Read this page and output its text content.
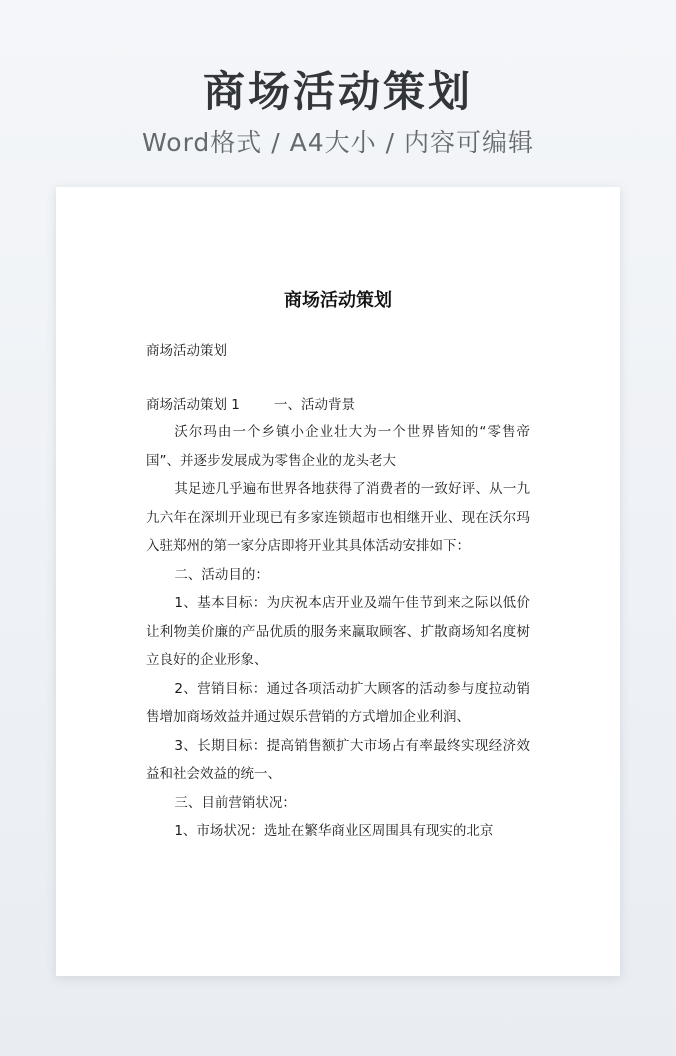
商场活动策划
Word格式 / A4大小 / 内容可编辑
商场活动策划
商场活动策划
商场活动策划 1	一、活动背景

沃尔玛由一个乡镇小企业壮大为一个世界皆知的“零售帝国”、并逐步发展成为零售企业的龙头老大

其足迹几乎遍布世界各地获得了消费者的一致好评、从一九九六年在深圳开业现已有多家连锁超市也相继开业、现在沃尔玛入驻郑州的第一家分店即将开业其具体活动安排如下：

二、活动目的：

1、基本目标：为庆祝本店开业及端午佳节到来之际以低价让利物美价廉的产品优质的服务来赢取顾客、扩散商场知名度树立良好的企业形象、

2、营销目标：通过各项活动扩大顾客的活动参与度拉动销售增加商场效益并通过娱乐营销的方式增加企业利润、

3、长期目标：提高销售额扩大市场占有率最终实现经济效益和社会效益的统一、

三、目前营销状况：

1、市场状况：选址在繁华商业区周围具有现实的北京
